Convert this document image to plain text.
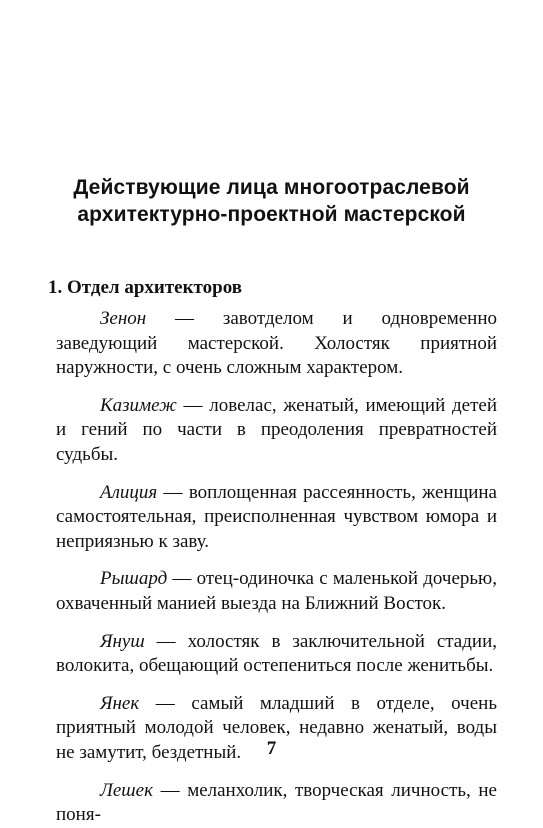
Действующие лица многоотраслевой
архитектурно-проектной мастерской
1. Отдел архитекторов

Зенон — завотделом и одновременно заведующий мастерской. Холостяк приятной наружности, с очень сложным характером.

Казимеж — ловелас, женатый, имеющий детей и гений по части в преодоления превратностей судьбы.

Алиция — воплощенная рассеянность, женщина самостоятельная, преисполненная чувством юмора и неприязнью к заву.

Рышард — отец-одиночка с маленькой дочерью, охваченный манией выезда на Ближний Восток.

Януш — холостяк в заключительной стадии, волокита, обещающий остепениться после женитьбы.

Янек — самый младший в отделе, очень приятный молодой человек, недавно женатый, воды не замутит, бездетный.

Лешек — меланхолик, творческая личность, не поня-

7
